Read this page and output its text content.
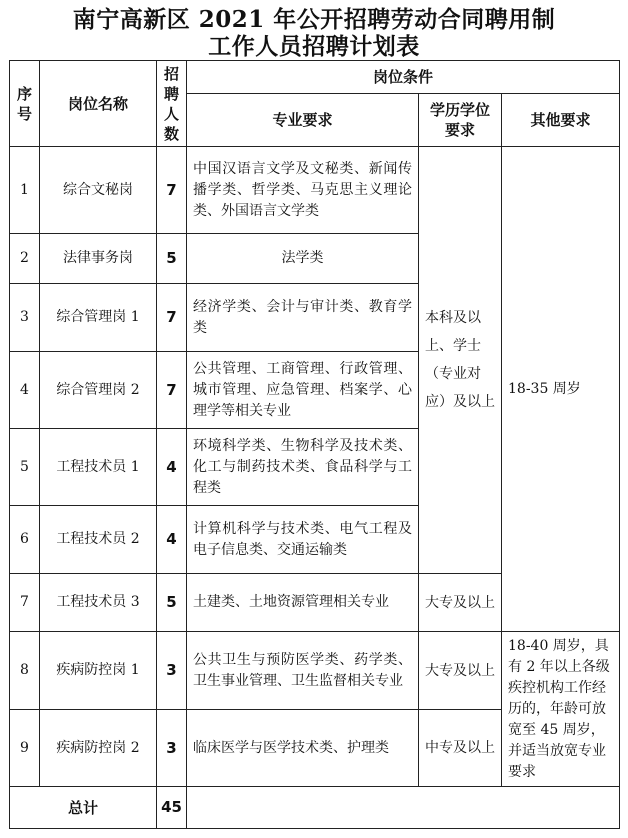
南宁高新区 2021 年公开招聘劳动合同聘用制
工作人员招聘计划表
序号	岗位名称	招聘人数	岗位条件		
			专业要求	学历学位要求	其他要求
1	综合文秘岗	7	中国汉语言文学及文秘类、新闻传播学类、哲学类、马克思主义理论类、外国语言文学类	本科及以上、学士（专业对应）及以上	18-35 周岁
2	法律事务岗	5	法学类		
3	综合管理岗 1	7	经济学类、会计与审计类、教育学类		
4	综合管理岗 2	7	公共管理、工商管理、行政管理、城市管理、应急管理、档案学、心理学等相关专业		
5	工程技术员 1	4	环境科学类、生物科学及技术类、化工与制药技术类、食品科学与工程类		
6	工程技术员 2	4	计算机科学与技术类、电气工程及电子信息类、交通运输类		
7	工程技术员 3	5	土建类、土地资源管理相关专业	大专及以上	
8	疾病防控岗 1	3	公共卫生与预防医学类、药学类、卫生事业管理、卫生监督相关专业	大专及以上	18-40 周岁，具有 2 年以上各级疾控机构工作经历的，年龄可放宽至 45 周岁，并适当放宽专业要求
9	疾病防控岗 2	3	临床医学与医学技术类、护理类	中专及以上	
总计		45			
